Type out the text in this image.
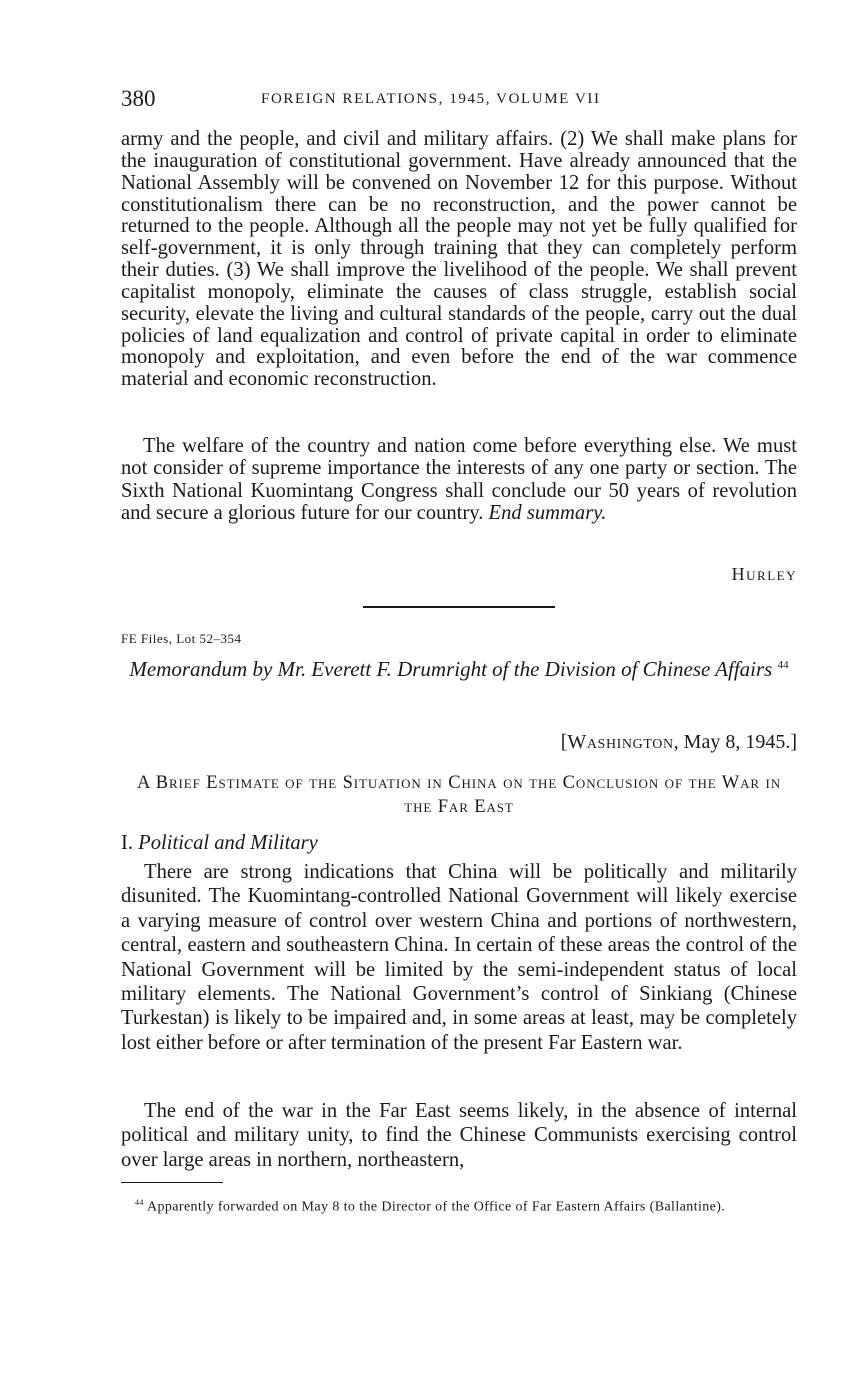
380	FOREIGN RELATIONS, 1945, VOLUME VII

army and the people, and civil and military affairs. (2) We shall make plans for the inauguration of constitutional government. Have already announced that the National Assembly will be convened on November 12 for this purpose. Without constitutionalism there can be no reconstruction, and the power cannot be returned to the people. Although all the people may not yet be fully qualified for self-government, it is only through training that they can completely perform their duties. (3) We shall improve the livelihood of the people. We shall prevent capitalist monopoly, eliminate the causes of class struggle, establish social security, elevate the living and cultural standards of the people, carry out the dual policies of land equalization and control of private capital in order to eliminate monopoly and exploitation, and even before the end of the war commence material and economic reconstruction.

The welfare of the country and nation come before everything else. We must not consider of supreme importance the interests of any one party or section. The Sixth National Kuomintang Congress shall conclude our 50 years of revolution and secure a glorious future for our country. End summary.

Hurley
FE Files, Lot 52–354
Memorandum by Mr. Everett F. Drumright of the Division of Chinese Affairs $^{44}$
[Washington, May 8, 1945.]
A Brief Estimate of the Situation in China on the Conclusion of the War in the Far East
I. Political and Military

There are strong indications that China will be politically and militarily disunited. The Kuomintang-controlled National Government will likely exercise a varying measure of control over western China and portions of northwestern, central, eastern and southeastern China. In certain of these areas the control of the National Government will be limited by the semi-independent status of local military elements. The National Government’s control of Sinkiang (Chinese Turkestan) is likely to be impaired and, in some areas at least, may be completely lost either before or after termination of the present Far Eastern war.

The end of the war in the Far East seems likely, in the absence of internal political and military unity, to find the Chinese Communists exercising control over large areas in northern, northeastern,

$^{44}$ Apparently forwarded on May 8 to the Director of the Office of Far Eastern Affairs (Ballantine).
